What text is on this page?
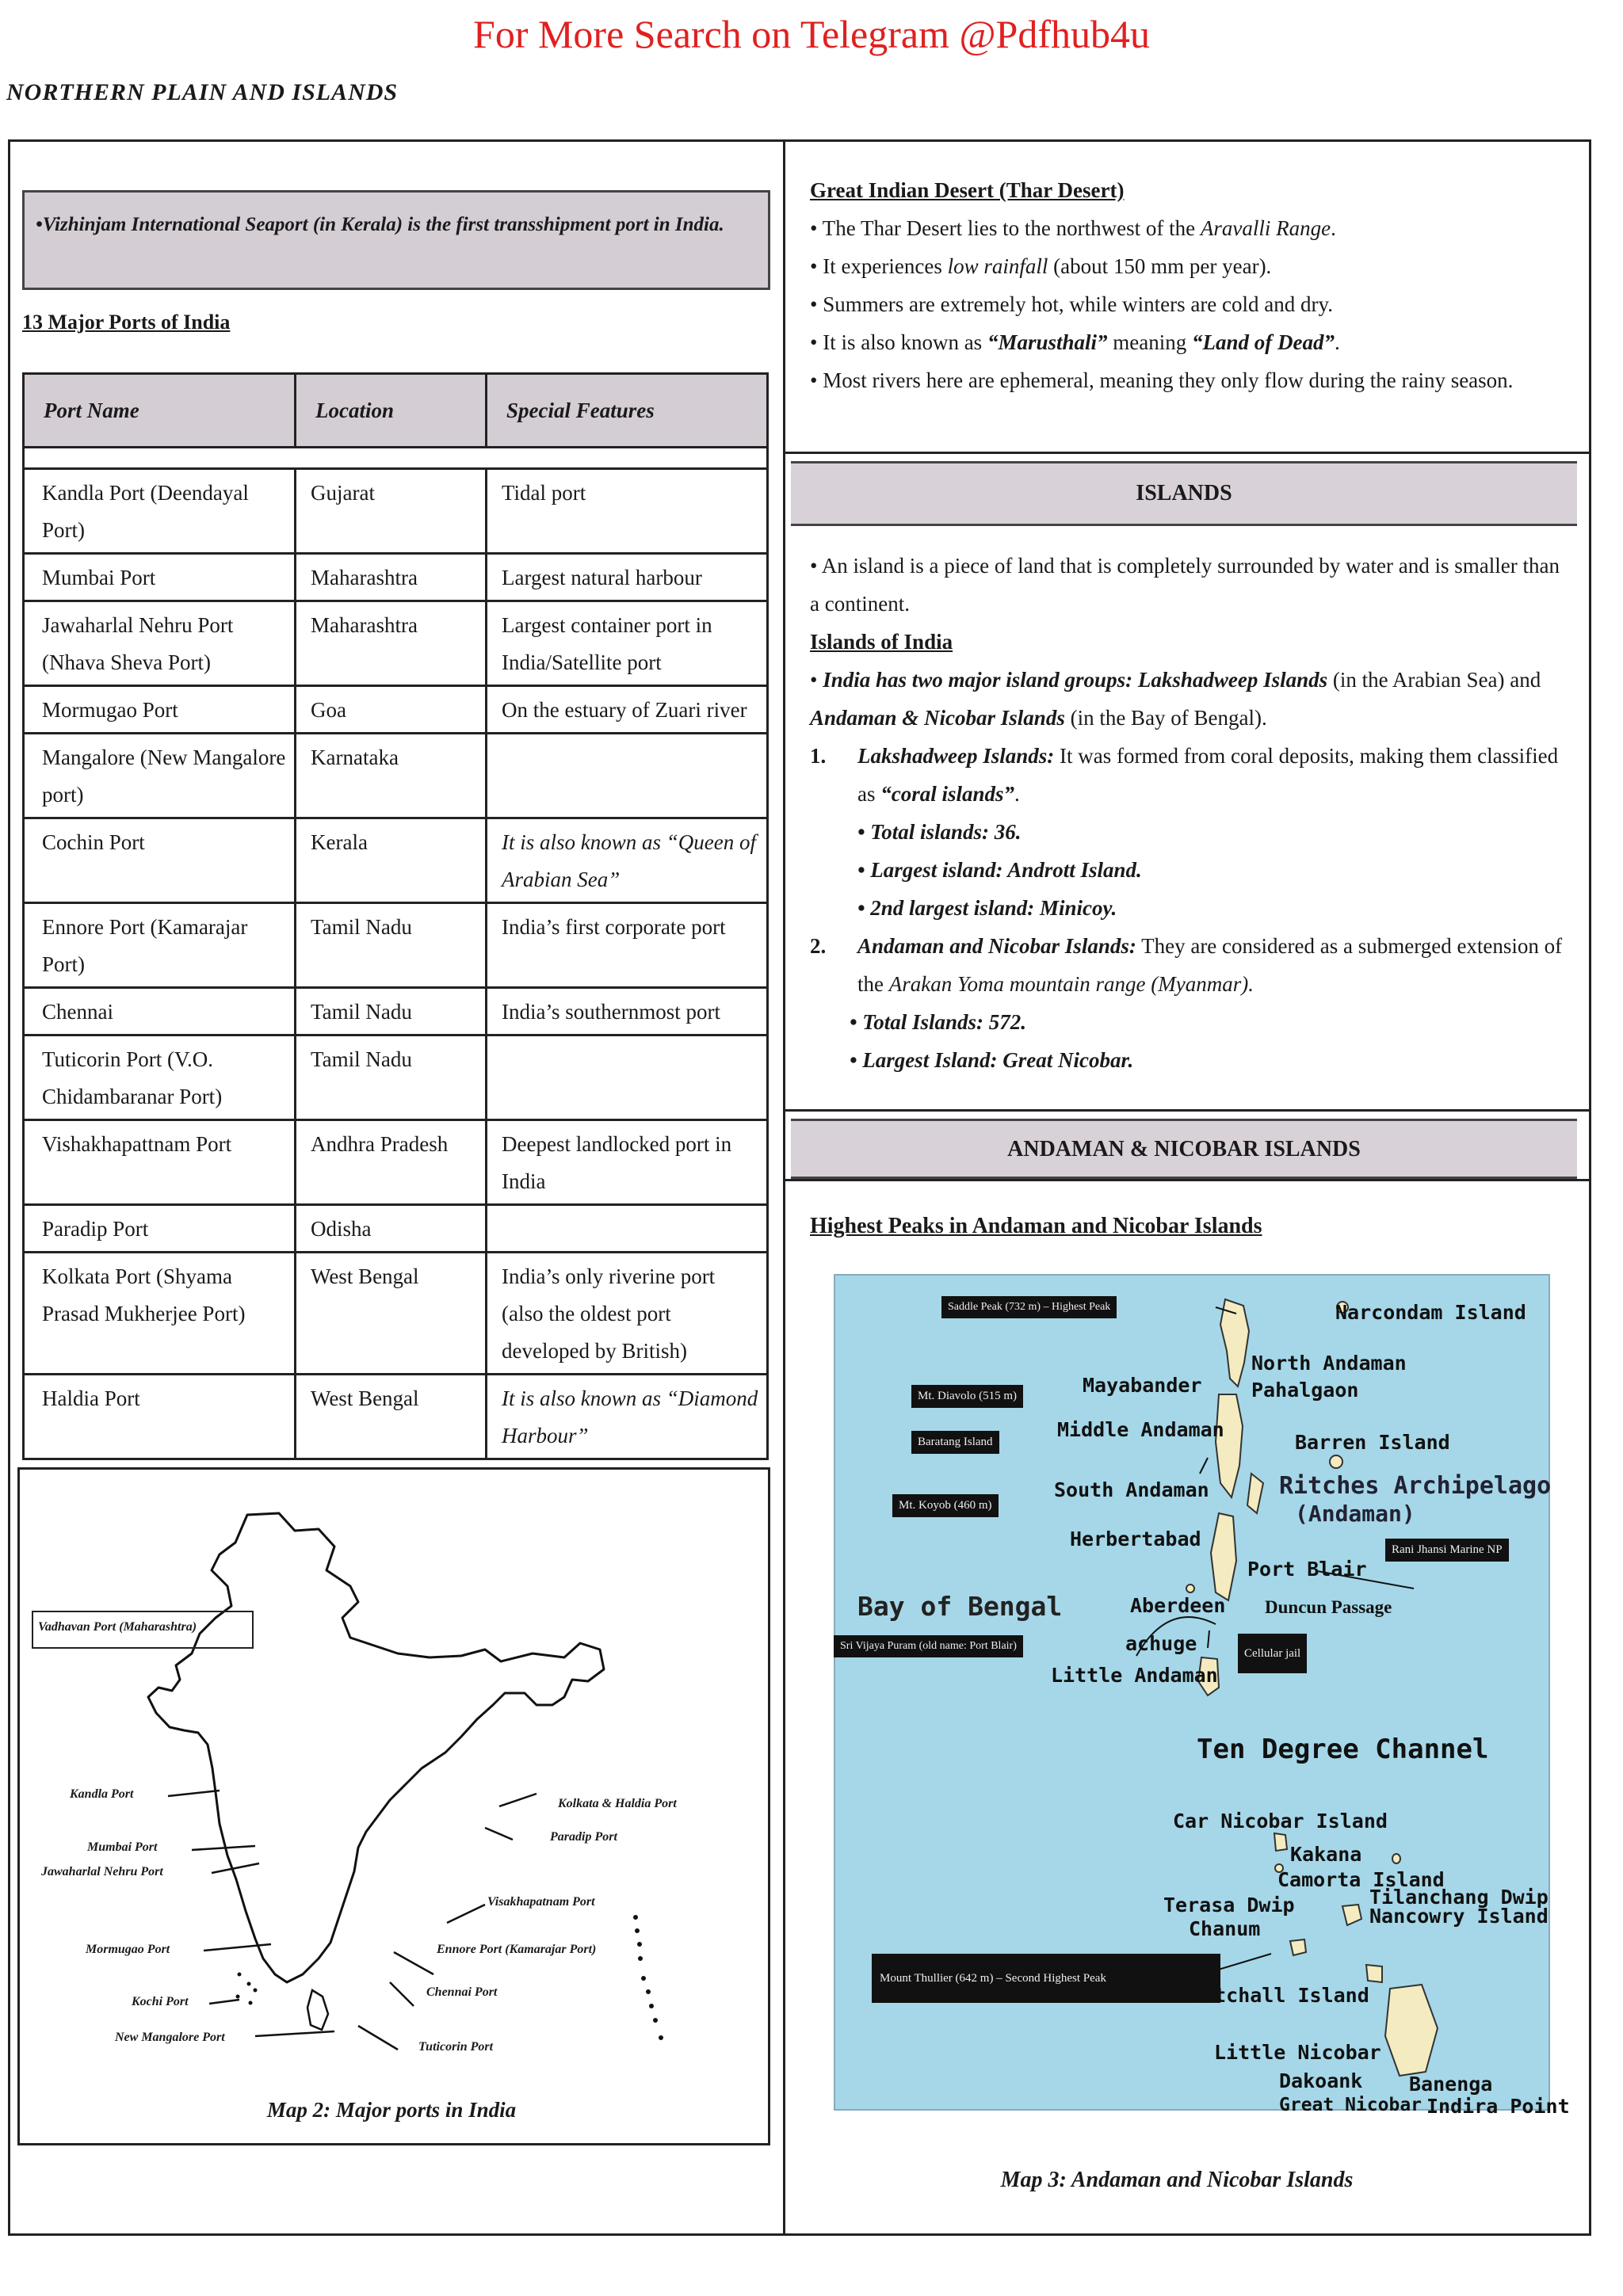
For More Search on Telegram @Pdfhub4u
NORTHERN PLAIN AND ISLANDS
•Vizhinjam International Seaport (in Kerala) is the first transshipment port in India.
13 Major Ports of India
Port Name	Location	Special Features

Kandla Port (Deendayal Port)	Gujarat	Tidal port
Mumbai Port	Maharashtra	Largest natural harbour
Jawaharlal Nehru Port (Nhava Sheva Port)	Maharashtra	Largest container port in India/Satellite port
Mormugao Port	Goa	On the estuary of Zuari river
Mangalore (New Mangalore port)	Karnataka	
Cochin Port	Kerala	It is also known as “Queen of Arabian Sea”
Ennore Port (Kamarajar Port)	Tamil Nadu	India’s first corporate port
Chennai	Tamil Nadu	India’s southernmost port
Tuticorin Port (V.O. Chidambaranar Port)	Tamil Nadu	
Vishakhapattnam Port	Andhra Pradesh	Deepest landlocked port in India
Paradip Port	Odisha	
Kolkata Port (Shyama Prasad Mukherjee Port)	West Bengal	India’s only riverine port (also the oldest port developed by British)
Haldia Port	West Bengal	It is also known as “Diamond Harbour”
Vadhavan Port (Maharashtra)
Kandla Port
Mumbai Port
Jawaharlal Nehru Port
Mormugao Port
Kochi Port
New Mangalore Port
Kolkata & Haldia Port
Paradip Port
Visakhapatnam Port
Ennore Port (Kamarajar Port)
Chennai Port
Tuticorin Port
Map 2: Major ports in India
Great Indian Desert (Thar Desert)
• The Thar Desert lies to the northwest of the Aravalli Range.
• It experiences low rainfall (about 150 mm per year).
• Summers are extremely hot, while winters are cold and dry.
• It is also known as “Marusthali” meaning “Land of Dead”.
• Most rivers here are ephemeral, meaning they only flow during the rainy season.
ISLANDS
• An island is a piece of land that is completely surrounded by water and is smaller than a continent.
Islands of India
• India has two major island groups: Lakshadweep Islands (in the Arabian Sea) and Andaman & Nicobar Islands (in the Bay of Bengal).
1.	Lakshadweep Islands: It was formed from coral deposits, making them classified as “coral islands”.
• Total islands: 36.
• Largest island: Andrott Island.
• 2nd largest island: Minicoy.
2.	Andaman and Nicobar Islands: They are considered as a submerged extension of the Arakan Yoma mountain range (Myanmar).
• Total Islands: 572.
• Largest Island: Great Nicobar.
ANDAMAN & NICOBAR ISLANDS
Highest Peaks in Andaman and Nicobar Islands
Saddle Peak (732 m) – Highest Peak	Narcondam Island
North Andaman
Mayabander Pahalgaon
Mt. Diavolo (515 m)
Middle Andaman
Baratang Island	Barren Island
Ritches Archipelago
(Andaman)
Mt. Koyob (460 m)
South Andaman
Herbertabad
Port Blair
Rani Jhansi Marine NP
Bay of Bengal	Aberdeen Duncun Passage
Sri Vijaya Puram (old name: Port Blair)	achuge	Cellular jail
Little Andaman
Ten Degree Channel
Car Nicobar Island
Kakana
Camorta Island
Tilanchang Dwip
Nancowry Island
Terasa Dwip
Chanum
Mount Thullier (642 m) – Second Highest Peak
Katchall Island
Little Nicobar
Dakoank Banenga
Great Nicobar Indira Point
Map 3: Andaman and Nicobar Islands
